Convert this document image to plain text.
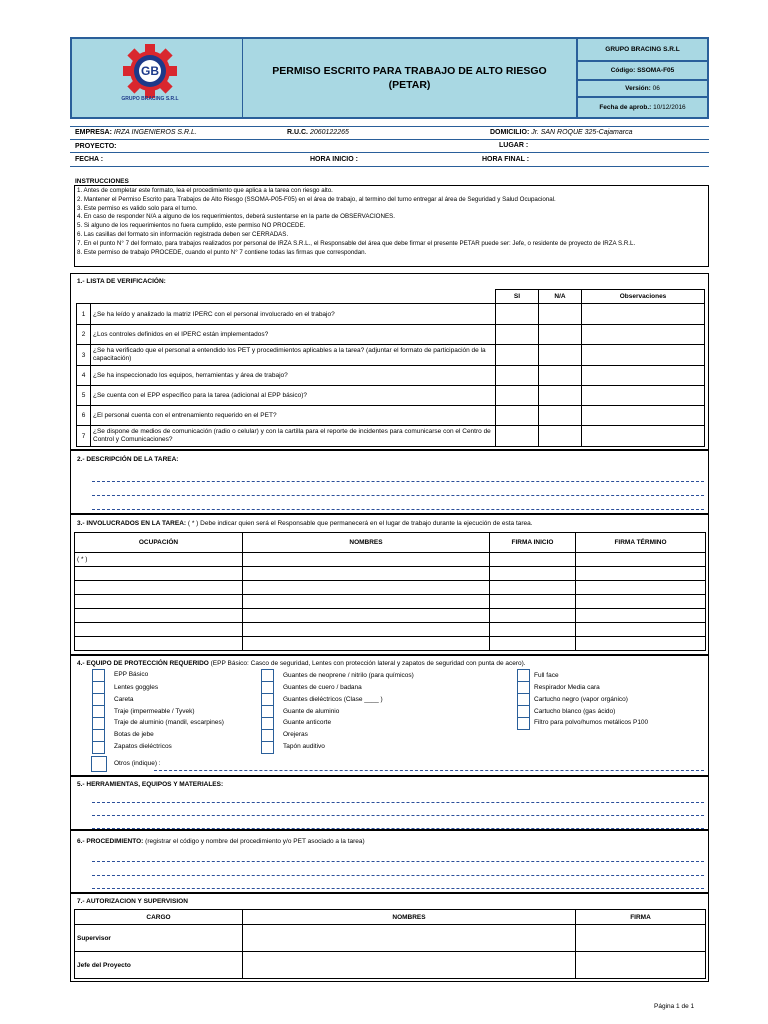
GB
GRUPO BRACING S.R.L
PERMISO ESCRITO PARA TRABAJO DE ALTO RIESGO
(PETAR)
GRUPO BRACING S.R.L
Código:
SSOMA-F05
Versión:
06
Fecha de aprob.:
10/12/2016
EMPRESA: IRZA INGENIEROS S.R.L.	R.U.C. 2060122265	DOMICILIO: Jr. SAN ROQUE 325-Cajamarca
PROYECTO:	LUGAR :
FECHA :	HORA INICIO :	HORA FINAL :
INSTRUCCIONES
1. Antes de completar este formato, lea el procedimiento que aplica a la tarea con riesgo alto.
2. Mantener el Permiso Escrito para Trabajos de Alto Riesgo (SSOMA-P05-F05) en el área de trabajo, al termino del turno entregar al área de Seguridad y Salud Ocupacional.
3. Este permiso es valido solo para el turno.
4. En caso de responder N/A a alguno de los requerimientos, deberá sustentarse en la parte de OBSERVACIONES.
5. Si alguno de los requerimientos no fuera cumplido, este permiso NO PROCEDE.
6. Las casillas del formato sin información registrada deben ser CERRADAS.
7. En el punto N° 7 del formato, para trabajos realizados por personal de IRZA S.R.L., el Responsable del área que debe firmar el presente PETAR puede ser: Jefe, o residente de proyecto de IRZA S.R.L.
8. Este permiso de trabajo PROCEDE, cuando el punto N° 7 contiene todas las firmas que correspondan.
1.- LISTA DE VERIFICACIÓN:
		SI	N/A	Observaciones
1	¿Se ha leído y analizado la matriz IPERC con el personal involucrado en el trabajo?			
2	¿Los controles definidos en el IPERC están implementados?			
3	¿Se ha verificado que el personal a entendido los PET y procedimientos aplicables a la tarea? (adjuntar el formato de participación de la capacitación)			
4	¿Se ha inspeccionado los equipos, herramientas y área de trabajo?			
5	¿Se cuenta con el EPP específico para la tarea (adicional al EPP básico)?			
6	¿El personal cuenta con el entrenamiento requerido en el PET?			
7	¿Se dispone de medios de comunicación (radio o celular) y con la cartilla para el reporte de incidentes para comunicarse con el Centro de Control y Comunicaciones?			
2.- DESCRIPCIÓN DE LA TAREA:
3.- INVOLUCRADOS EN LA TAREA: ( * ) Debe indicar quien será el Responsable que permanecerá en el lugar de trabajo durante la ejecución de esta tarea.
OCUPACIÓN	NOMBRES	FIRMA INICIO	FIRMA TÉRMINO
( * )			

4.- EQUIPO DE PROTECCIÓN REQUERIDO (EPP Básico: Casco de seguridad, Lentes con protección lateral y zapatos de seguridad con punta de acero).
EPP Básico
Lentes goggles
Careta
Traje (impermeable / Tyvek)
Traje de aluminio (mandil, escarpines)
Botas de jebe
Zapatos dieléctricos
Guantes de neoprene / nitrilo (para químicos)
Guantes de cuero / badana
Guantes dieléctricos (Clase ____ )
Guante de aluminio
Guante anticorte
Orejeras
Tapón auditivo
Full face
Respirador Media cara
Cartucho negro (vapor orgánico)
Cartucho blanco (gas ácido)
Filtro para polvo/humos metálicos P100
Otros (indique) :
5.- HERRAMIENTAS, EQUIPOS Y MATERIALES:
6.- PROCEDIMIENTO: (registrar el código y nombre del procedimiento y/o PET asociado a la tarea)
7.- AUTORIZACION Y SUPERVISION
CARGO	NOMBRES	FIRMA
Supervisor		
Jefe del Proyecto		
Página 1 de 1
